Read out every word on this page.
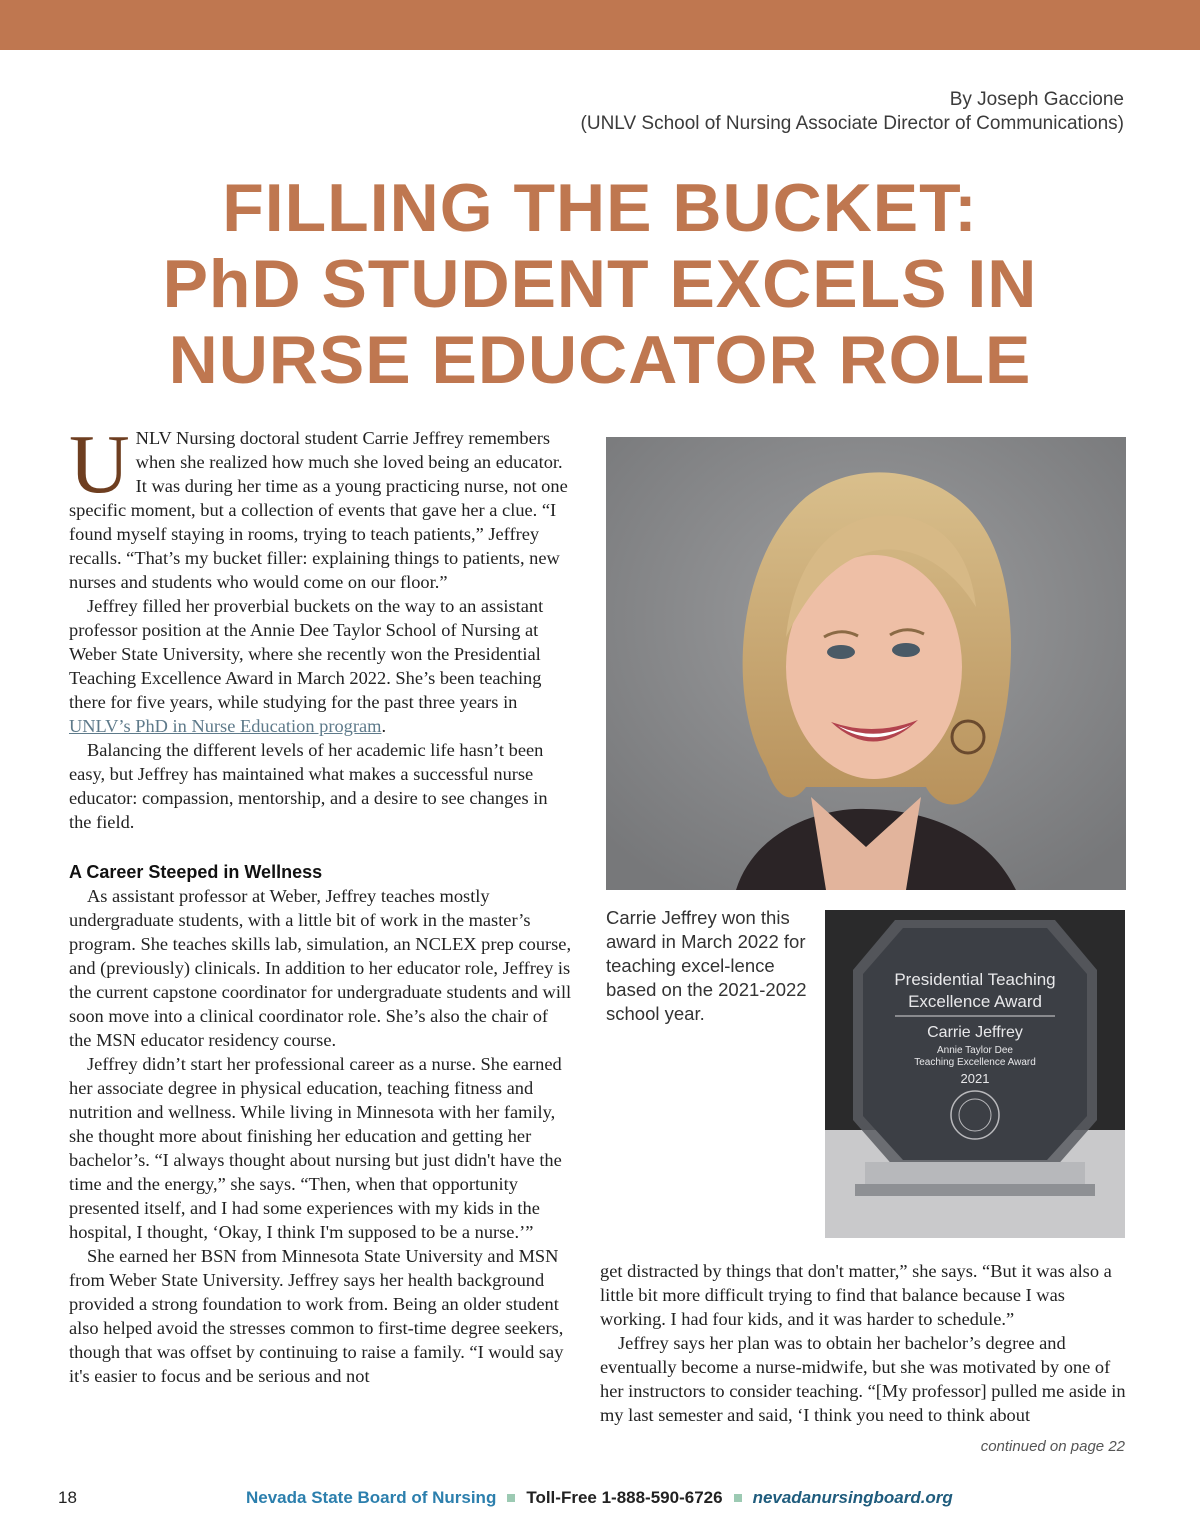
By Joseph Gaccione
(UNLV School of Nursing Associate Director of Communications)
FILLING THE BUCKET:
PhD STUDENT EXCELS IN
NURSE EDUCATOR ROLE

UNLV Nursing doctoral student Carrie Jeffrey remembers when she realized how much she loved being an educator. It was during her time as a young practicing nurse, not one specific moment, but a collection of events that gave her a clue. “I found myself staying in rooms, trying to teach patients,” Jeffrey recalls. “That’s my bucket filler: explaining things to patients, new nurses and students who would come on our floor.”

Jeffrey filled her proverbial buckets on the way to an assistant professor position at the Annie Dee Taylor School of Nursing at Weber State University, where she recently won the Presidential Teaching Excellence Award in March 2022. She’s been teaching there for five years, while studying for the past three years in UNLV’s PhD in Nurse Education program.

Balancing the different levels of her academic life hasn’t been easy, but Jeffrey has maintained what makes a successful nurse educator: compassion, mentorship, and a desire to see changes in the field.

A Career Steeped in Wellness

As assistant professor at Weber, Jeffrey teaches mostly undergraduate students, with a little bit of work in the master’s program. She teaches skills lab, simulation, an NCLEX prep course, and (previously) clinicals. In addition to her educator role, Jeffrey is the current capstone coordinator for undergraduate students and will soon move into a clinical coordinator role. She’s also the chair of the MSN educator residency course.

Jeffrey didn’t start her professional career as a nurse. She earned her associate degree in physical education, teaching fitness and nutrition and wellness. While living in Minnesota with her family, she thought more about finishing her education and getting her bachelor’s. “I always thought about nursing but just didn't have the time and the energy,” she says. “Then, when that opportunity presented itself, and I had some experiences with my kids in the hospital, I thought, ‘Okay, I think I'm supposed to be a nurse.’”

She earned her BSN from Minnesota State University and MSN from Weber State University. Jeffrey says her health background provided a strong foundation to work from. Being an older student also helped avoid the stresses common to first-time degree seekers, though that was offset by continuing to raise a family. “I would say it's easier to focus and be serious and not

Carrie Jeffrey won this award in March 2022 for teaching excel-lence based on the 2021-2022 school year.
Presidential Teaching
Excellence Award
Carrie Jeffrey
Annie Taylor Dee
Teaching Excellence Award
2021

get distracted by things that don't matter,” she says. “But it was also a little bit more difficult trying to find that balance because I was working. I had four kids, and it was harder to schedule.”

Jeffrey says her plan was to obtain her bachelor’s degree and eventually become a nurse-midwife, but she was motivated by one of her instructors to consider teaching. “[My professor] pulled me aside in my last semester and said, ‘I think you need to think about

continued on page 22
18	Nevada State Board of Nursing Toll-Free 1-888-590-6726 nevadanursingboard.org
